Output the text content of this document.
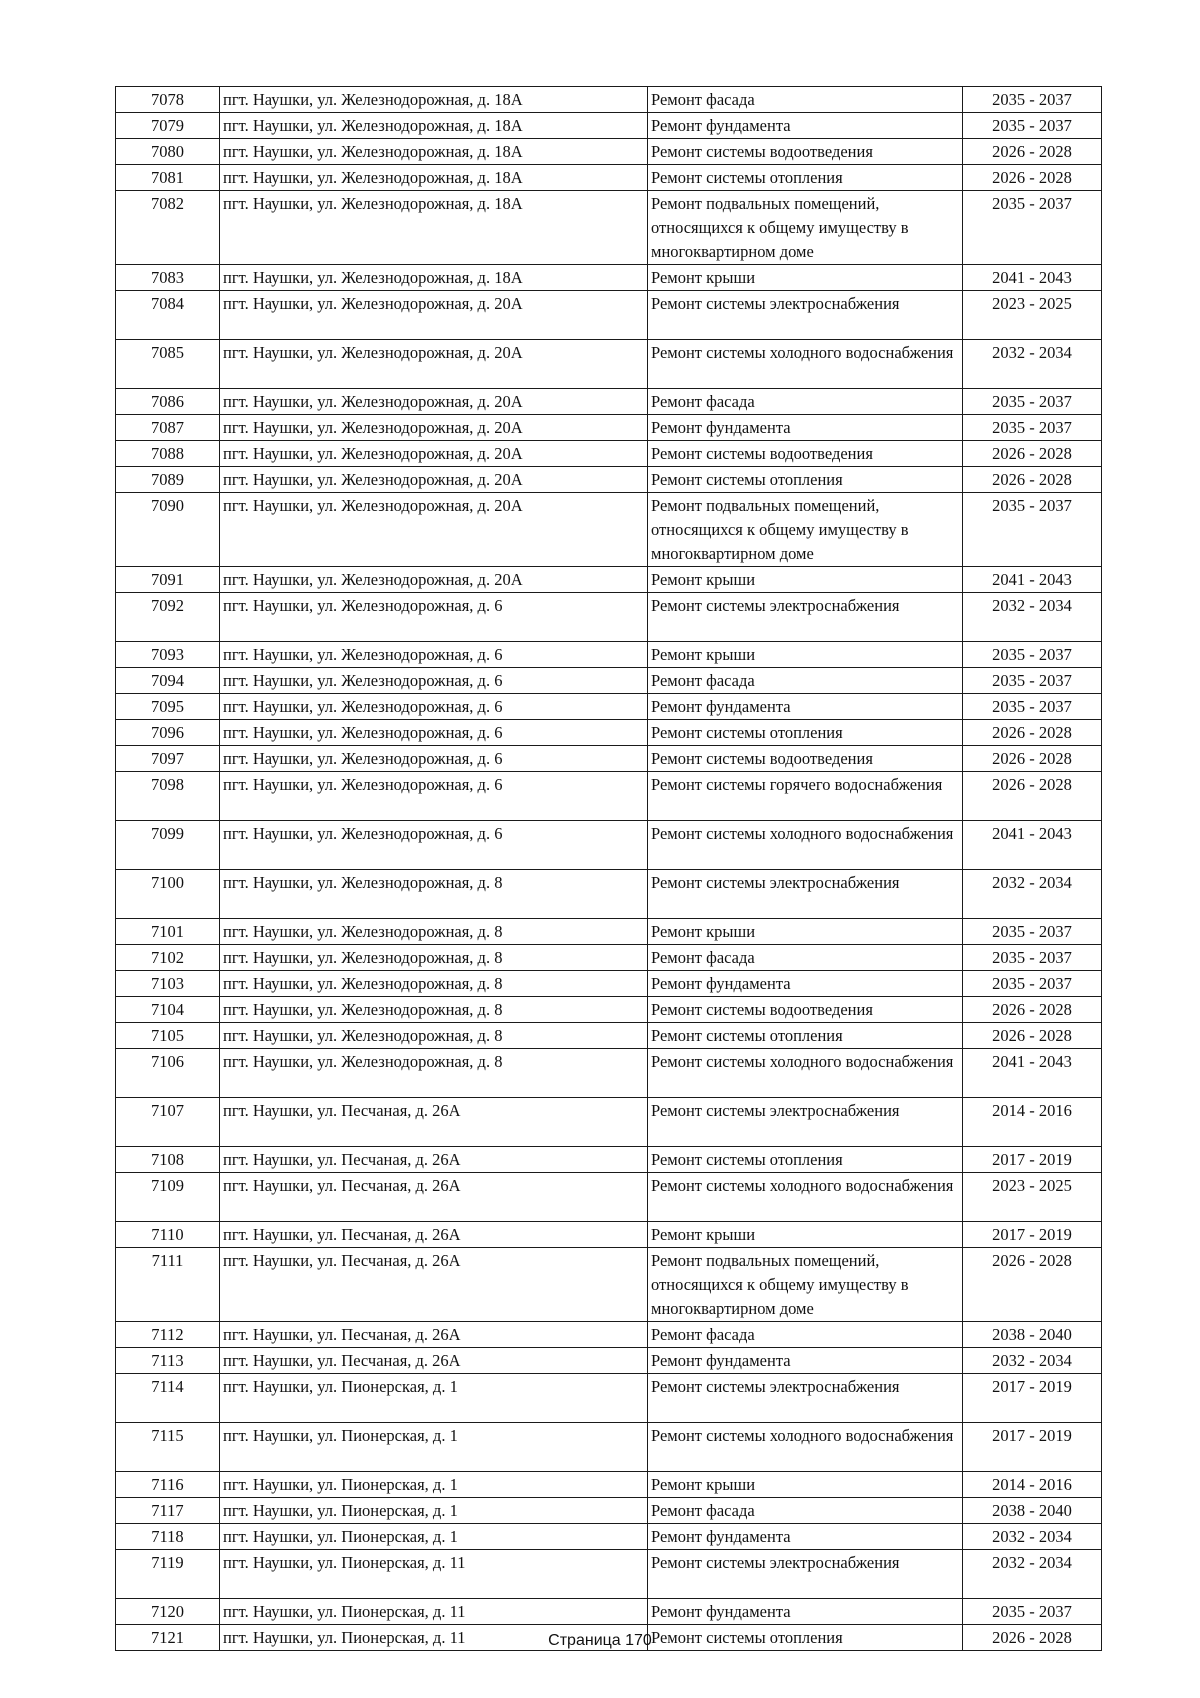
7078	пгт. Наушки, ул. Железнодорожная, д. 18А	Ремонт фасада	2035 - 2037
7079	пгт. Наушки, ул. Железнодорожная, д. 18А	Ремонт фундамента	2035 - 2037
7080	пгт. Наушки, ул. Железнодорожная, д. 18А	Ремонт системы водоотведения	2026 - 2028
7081	пгт. Наушки, ул. Железнодорожная, д. 18А	Ремонт системы отопления	2026 - 2028
7082	пгт. Наушки, ул. Железнодорожная, д. 18А	Ремонт подвальных помещений, относящихся к общему имуществу в многоквартирном доме	2035 - 2037
7083	пгт. Наушки, ул. Железнодорожная, д. 18А	Ремонт крыши	2041 - 2043
7084	пгт. Наушки, ул. Железнодорожная, д. 20А	Ремонт системы электроснабжения	2023 - 2025
7085	пгт. Наушки, ул. Железнодорожная, д. 20А	Ремонт системы холодного водоснабжения	2032 - 2034
7086	пгт. Наушки, ул. Железнодорожная, д. 20А	Ремонт фасада	2035 - 2037
7087	пгт. Наушки, ул. Железнодорожная, д. 20А	Ремонт фундамента	2035 - 2037
7088	пгт. Наушки, ул. Железнодорожная, д. 20А	Ремонт системы водоотведения	2026 - 2028
7089	пгт. Наушки, ул. Железнодорожная, д. 20А	Ремонт системы отопления	2026 - 2028
7090	пгт. Наушки, ул. Железнодорожная, д. 20А	Ремонт подвальных помещений, относящихся к общему имуществу в многоквартирном доме	2035 - 2037
7091	пгт. Наушки, ул. Железнодорожная, д. 20А	Ремонт крыши	2041 - 2043
7092	пгт. Наушки, ул. Железнодорожная, д. 6	Ремонт системы электроснабжения	2032 - 2034
7093	пгт. Наушки, ул. Железнодорожная, д. 6	Ремонт крыши	2035 - 2037
7094	пгт. Наушки, ул. Железнодорожная, д. 6	Ремонт фасада	2035 - 2037
7095	пгт. Наушки, ул. Железнодорожная, д. 6	Ремонт фундамента	2035 - 2037
7096	пгт. Наушки, ул. Железнодорожная, д. 6	Ремонт системы отопления	2026 - 2028
7097	пгт. Наушки, ул. Железнодорожная, д. 6	Ремонт системы водоотведения	2026 - 2028
7098	пгт. Наушки, ул. Железнодорожная, д. 6	Ремонт системы горячего водоснабжения	2026 - 2028
7099	пгт. Наушки, ул. Железнодорожная, д. 6	Ремонт системы холодного водоснабжения	2041 - 2043
7100	пгт. Наушки, ул. Железнодорожная, д. 8	Ремонт системы электроснабжения	2032 - 2034
7101	пгт. Наушки, ул. Железнодорожная, д. 8	Ремонт крыши	2035 - 2037
7102	пгт. Наушки, ул. Железнодорожная, д. 8	Ремонт фасада	2035 - 2037
7103	пгт. Наушки, ул. Железнодорожная, д. 8	Ремонт фундамента	2035 - 2037
7104	пгт. Наушки, ул. Железнодорожная, д. 8	Ремонт системы водоотведения	2026 - 2028
7105	пгт. Наушки, ул. Железнодорожная, д. 8	Ремонт системы отопления	2026 - 2028
7106	пгт. Наушки, ул. Железнодорожная, д. 8	Ремонт системы холодного водоснабжения	2041 - 2043
7107	пгт. Наушки, ул. Песчаная, д. 26А	Ремонт системы электроснабжения	2014 - 2016
7108	пгт. Наушки, ул. Песчаная, д. 26А	Ремонт системы отопления	2017 - 2019
7109	пгт. Наушки, ул. Песчаная, д. 26А	Ремонт системы холодного водоснабжения	2023 - 2025
7110	пгт. Наушки, ул. Песчаная, д. 26А	Ремонт крыши	2017 - 2019
7111	пгт. Наушки, ул. Песчаная, д. 26А	Ремонт подвальных помещений, относящихся к общему имуществу в многоквартирном доме	2026 - 2028
7112	пгт. Наушки, ул. Песчаная, д. 26А	Ремонт фасада	2038 - 2040
7113	пгт. Наушки, ул. Песчаная, д. 26А	Ремонт фундамента	2032 - 2034
7114	пгт. Наушки, ул. Пионерская, д. 1	Ремонт системы электроснабжения	2017 - 2019
7115	пгт. Наушки, ул. Пионерская, д. 1	Ремонт системы холодного водоснабжения	2017 - 2019
7116	пгт. Наушки, ул. Пионерская, д. 1	Ремонт крыши	2014 - 2016
7117	пгт. Наушки, ул. Пионерская, д. 1	Ремонт фасада	2038 - 2040
7118	пгт. Наушки, ул. Пионерская, д. 1	Ремонт фундамента	2032 - 2034
7119	пгт. Наушки, ул. Пионерская, д. 11	Ремонт системы электроснабжения	2032 - 2034
7120	пгт. Наушки, ул. Пионерская, д. 11	Ремонт фундамента	2035 - 2037
7121	пгт. Наушки, ул. Пионерская, д. 11	Ремонт системы отопления	2026 - 2028
Страница 170
